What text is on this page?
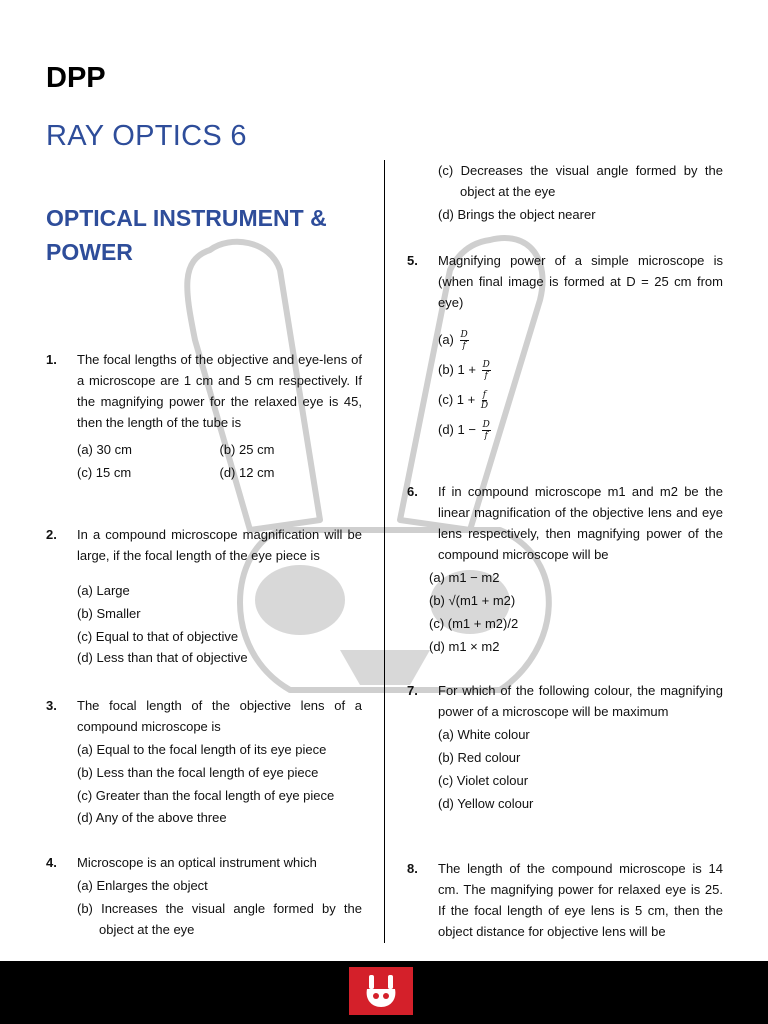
DPP
RAY OPTICS 6
OPTICAL INSTRUMENT & POWER
1. The focal lengths of the objective and eye-lens of a microscope are 1 cm and 5 cm respectively. If the magnifying power for the relaxed eye is 45, then the length of the tube is
(a) 30 cm	(b) 25 cm
(c) 15 cm	(d) 12 cm
2. In a compound microscope magnification will be large, if the focal length of the eye piece is
(a) Large
(b) Smaller
(c) Equal to that of objective
(d) Less than that of objective
3. The focal length of the objective lens of a compound microscope is
(a) Equal to the focal length of its eye piece
(b) Less than the focal length of eye piece
(c) Greater than the focal length of eye piece
(d) Any of the above three
4. Microscope is an optical instrument which
(a) Enlarges the object
(b) Increases the visual angle formed by the object at the eye
(c) Decreases the visual angle formed by the object at the eye
(d) Brings the object nearer
5. Magnifying power of a simple microscope is (when final image is formed at D = 25 cm from eye)
$(a) \frac{D}{f}$
(b) $1 + \frac{D}{f}$
(c) $1 + \frac{f}{D}$
(d) $1 - \frac{D}{f}$
6. If in compound microscope m1 and m2 be the linear magnification of the objective lens and eye lens respectively, then magnifying power of the compound microscope will be
(a) m1 − m2
(b) √(m1 + m2)
(c) (m1 + m2)/2
(d) m1 × m2
7. For which of the following colour, the magnifying power of a microscope will be maximum
(a) White colour
(b) Red colour
(c) Violet colour
(d) Yellow colour
8. The length of the compound microscope is 14 cm. The magnifying power for relaxed eye is 25. If the focal length of eye lens is 5 cm, then the object distance for objective lens will be
